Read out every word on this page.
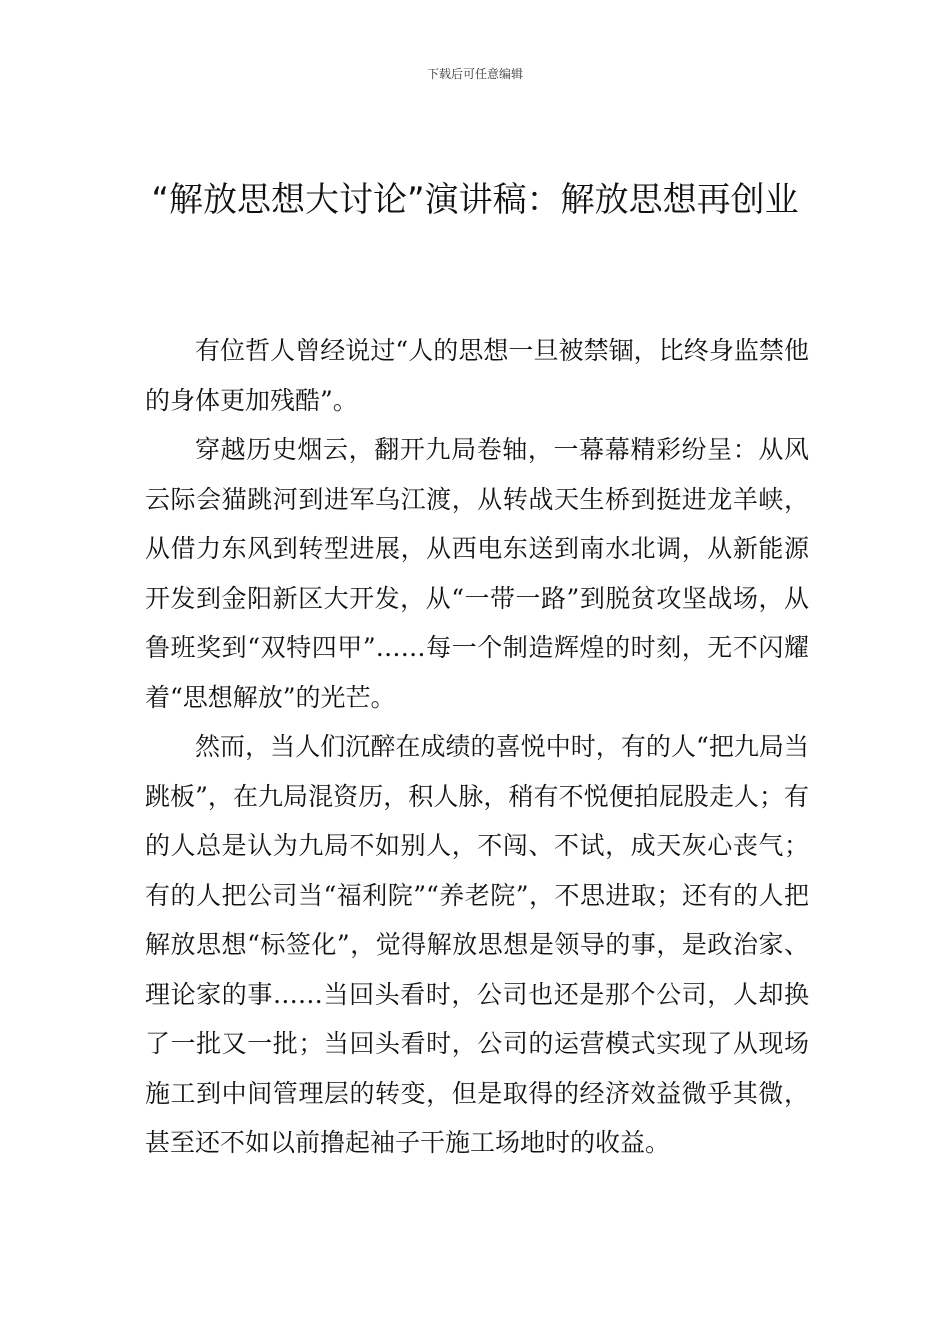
下载后可任意编辑
“解放思想大讨论”演讲稿：解放思想再创业

有位哲人曾经说过“人的思想一旦被禁锢，比终身监禁他的身体更加残酷”。

穿越历史烟云，翻开九局卷轴，一幕幕精彩纷呈：从风云际会猫跳河到进军乌江渡，从转战天生桥到挺进龙羊峡，从借力东风到转型进展，从西电东送到南水北调，从新能源开发到金阳新区大开发，从“一带一路”到脱贫攻坚战场，从鲁班奖到“双特四甲”……每一个制造辉煌的时刻，无不闪耀着“思想解放”的光芒。

然而，当人们沉醉在成绩的喜悦中时，有的人“把九局当跳板”，在九局混资历，积人脉，稍有不悦便拍屁股走人；有的人总是认为九局不如别人，不闯、不试，成天灰心丧气；有的人把公司当“福利院”“养老院”，不思进取；还有的人把解放思想“标签化”，觉得解放思想是领导的事，是政治家、理论家的事……当回头看时，公司也还是那个公司，人却换了一批又一批；当回头看时，公司的运营模式实现了从现场施工到中间管理层的转变，但是取得的经济效益微乎其微，甚至还不如以前撸起袖子干施工场地时的收益。
